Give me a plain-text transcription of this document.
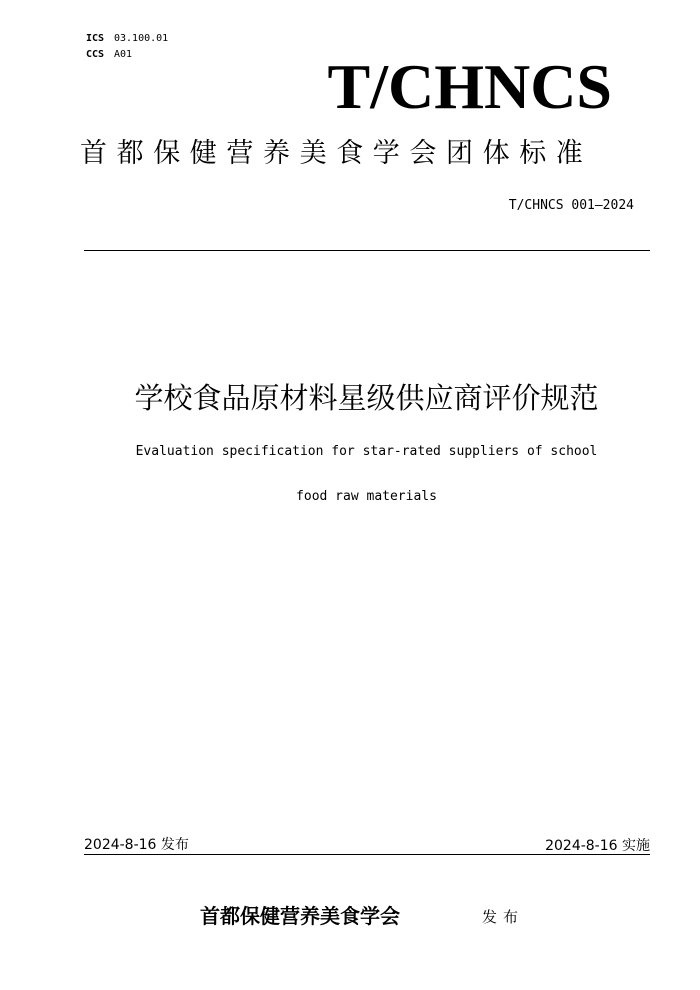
ICS 03.100.01
CCS A01	T/CHNCS
首都保健营养美食学会团体标准
T/CHNCS 001—2024
学校食品原材料星级供应商评价规范
Evaluation specification for star-rated suppliers of school
food raw materials
2024-8-16 发布	2024-8-16 实施
首都保健营养美食学会	发布
